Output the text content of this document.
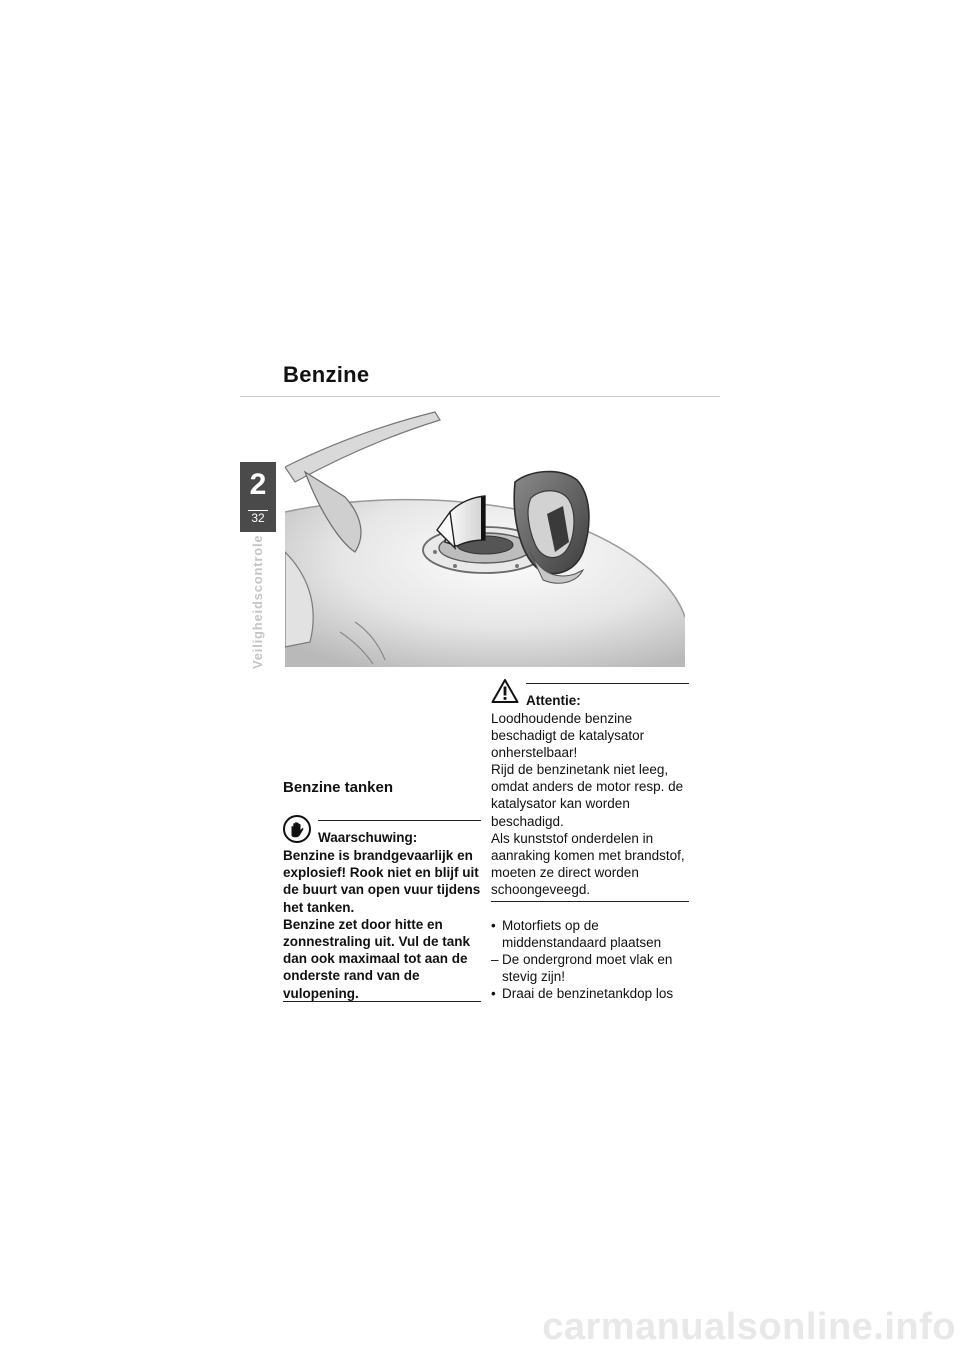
Benzine
2
32
Veiligheidscontrole
Benzine tanken
Waarschuwing:

Benzine is brandgevaarlijk en explosief! Rook niet en blijf uit de buurt van open vuur tijdens het tanken.

Benzine zet door hitte en zonnestraling uit. Vul de tank dan ook maximaal tot aan de onderste rand van de vulopening.

Attentie:

Loodhoudende benzine beschadigt de katalysator onherstelbaar!

Rijd de benzinetank niet leeg, omdat anders de motor resp. de katalysator kan worden beschadigd.

Als kunststof onderdelen in aanraking komen met brandstof, moeten ze direct worden schoongeveegd.

• Motorfiets op de middenstandaard plaatsen
– De ondergrond moet vlak en stevig zijn!
• Draai de benzinetankdop los
carmanualsonline.info
